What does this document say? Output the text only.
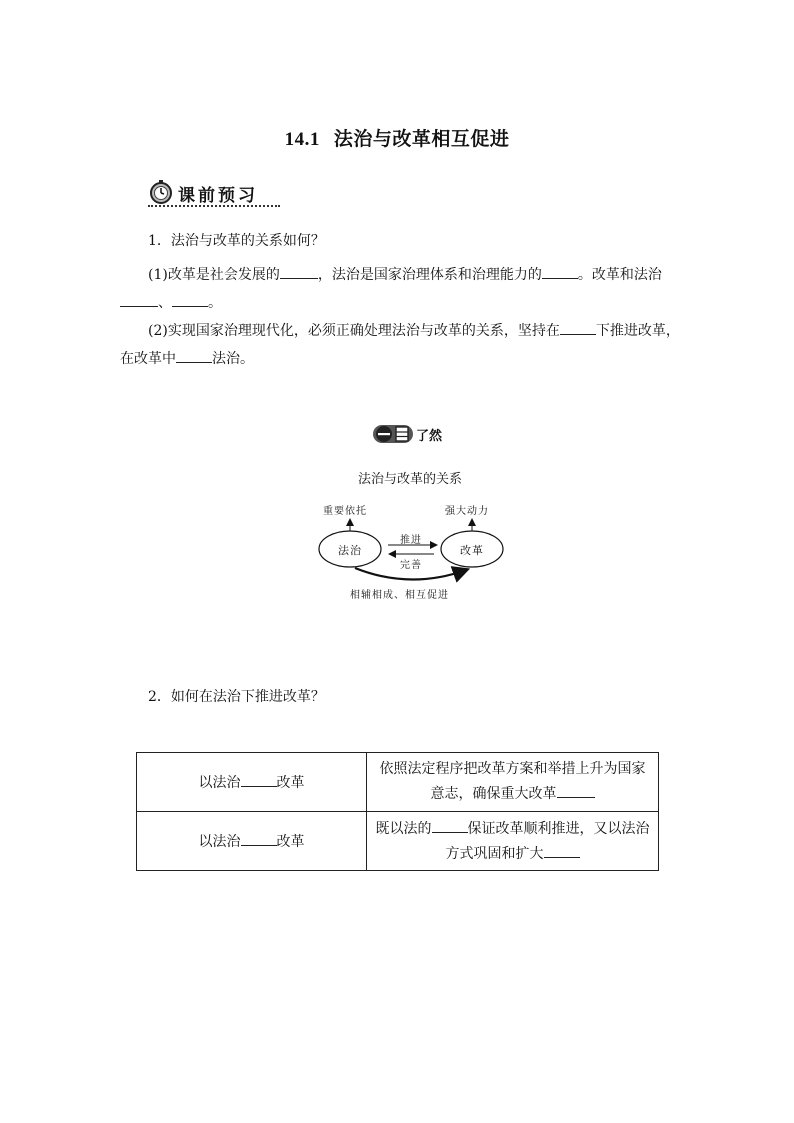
14.1 法治与改革相互促进
课前预习
1．法治与改革的关系如何？
(1)改革是社会发展的	，法治是国家治理体系和治理能力的	。改革和法治、	。
(2)实现国家治理现代化，必须正确处理法治与改革的关系，坚持在	下推进改革，在改革中	法治。
了然
法治与改革的关系
重要依托	强大动力
法治	改革
推进
完善
相辅相成、相互促进
2．如何在法治下推进改革？
以法治 改革	依照法定程序把改革方案和举措上升为国家意志，确保重大改革
以法治 改革	既以法的 保证改革顺利推进，又以法治方式巩固和扩大
